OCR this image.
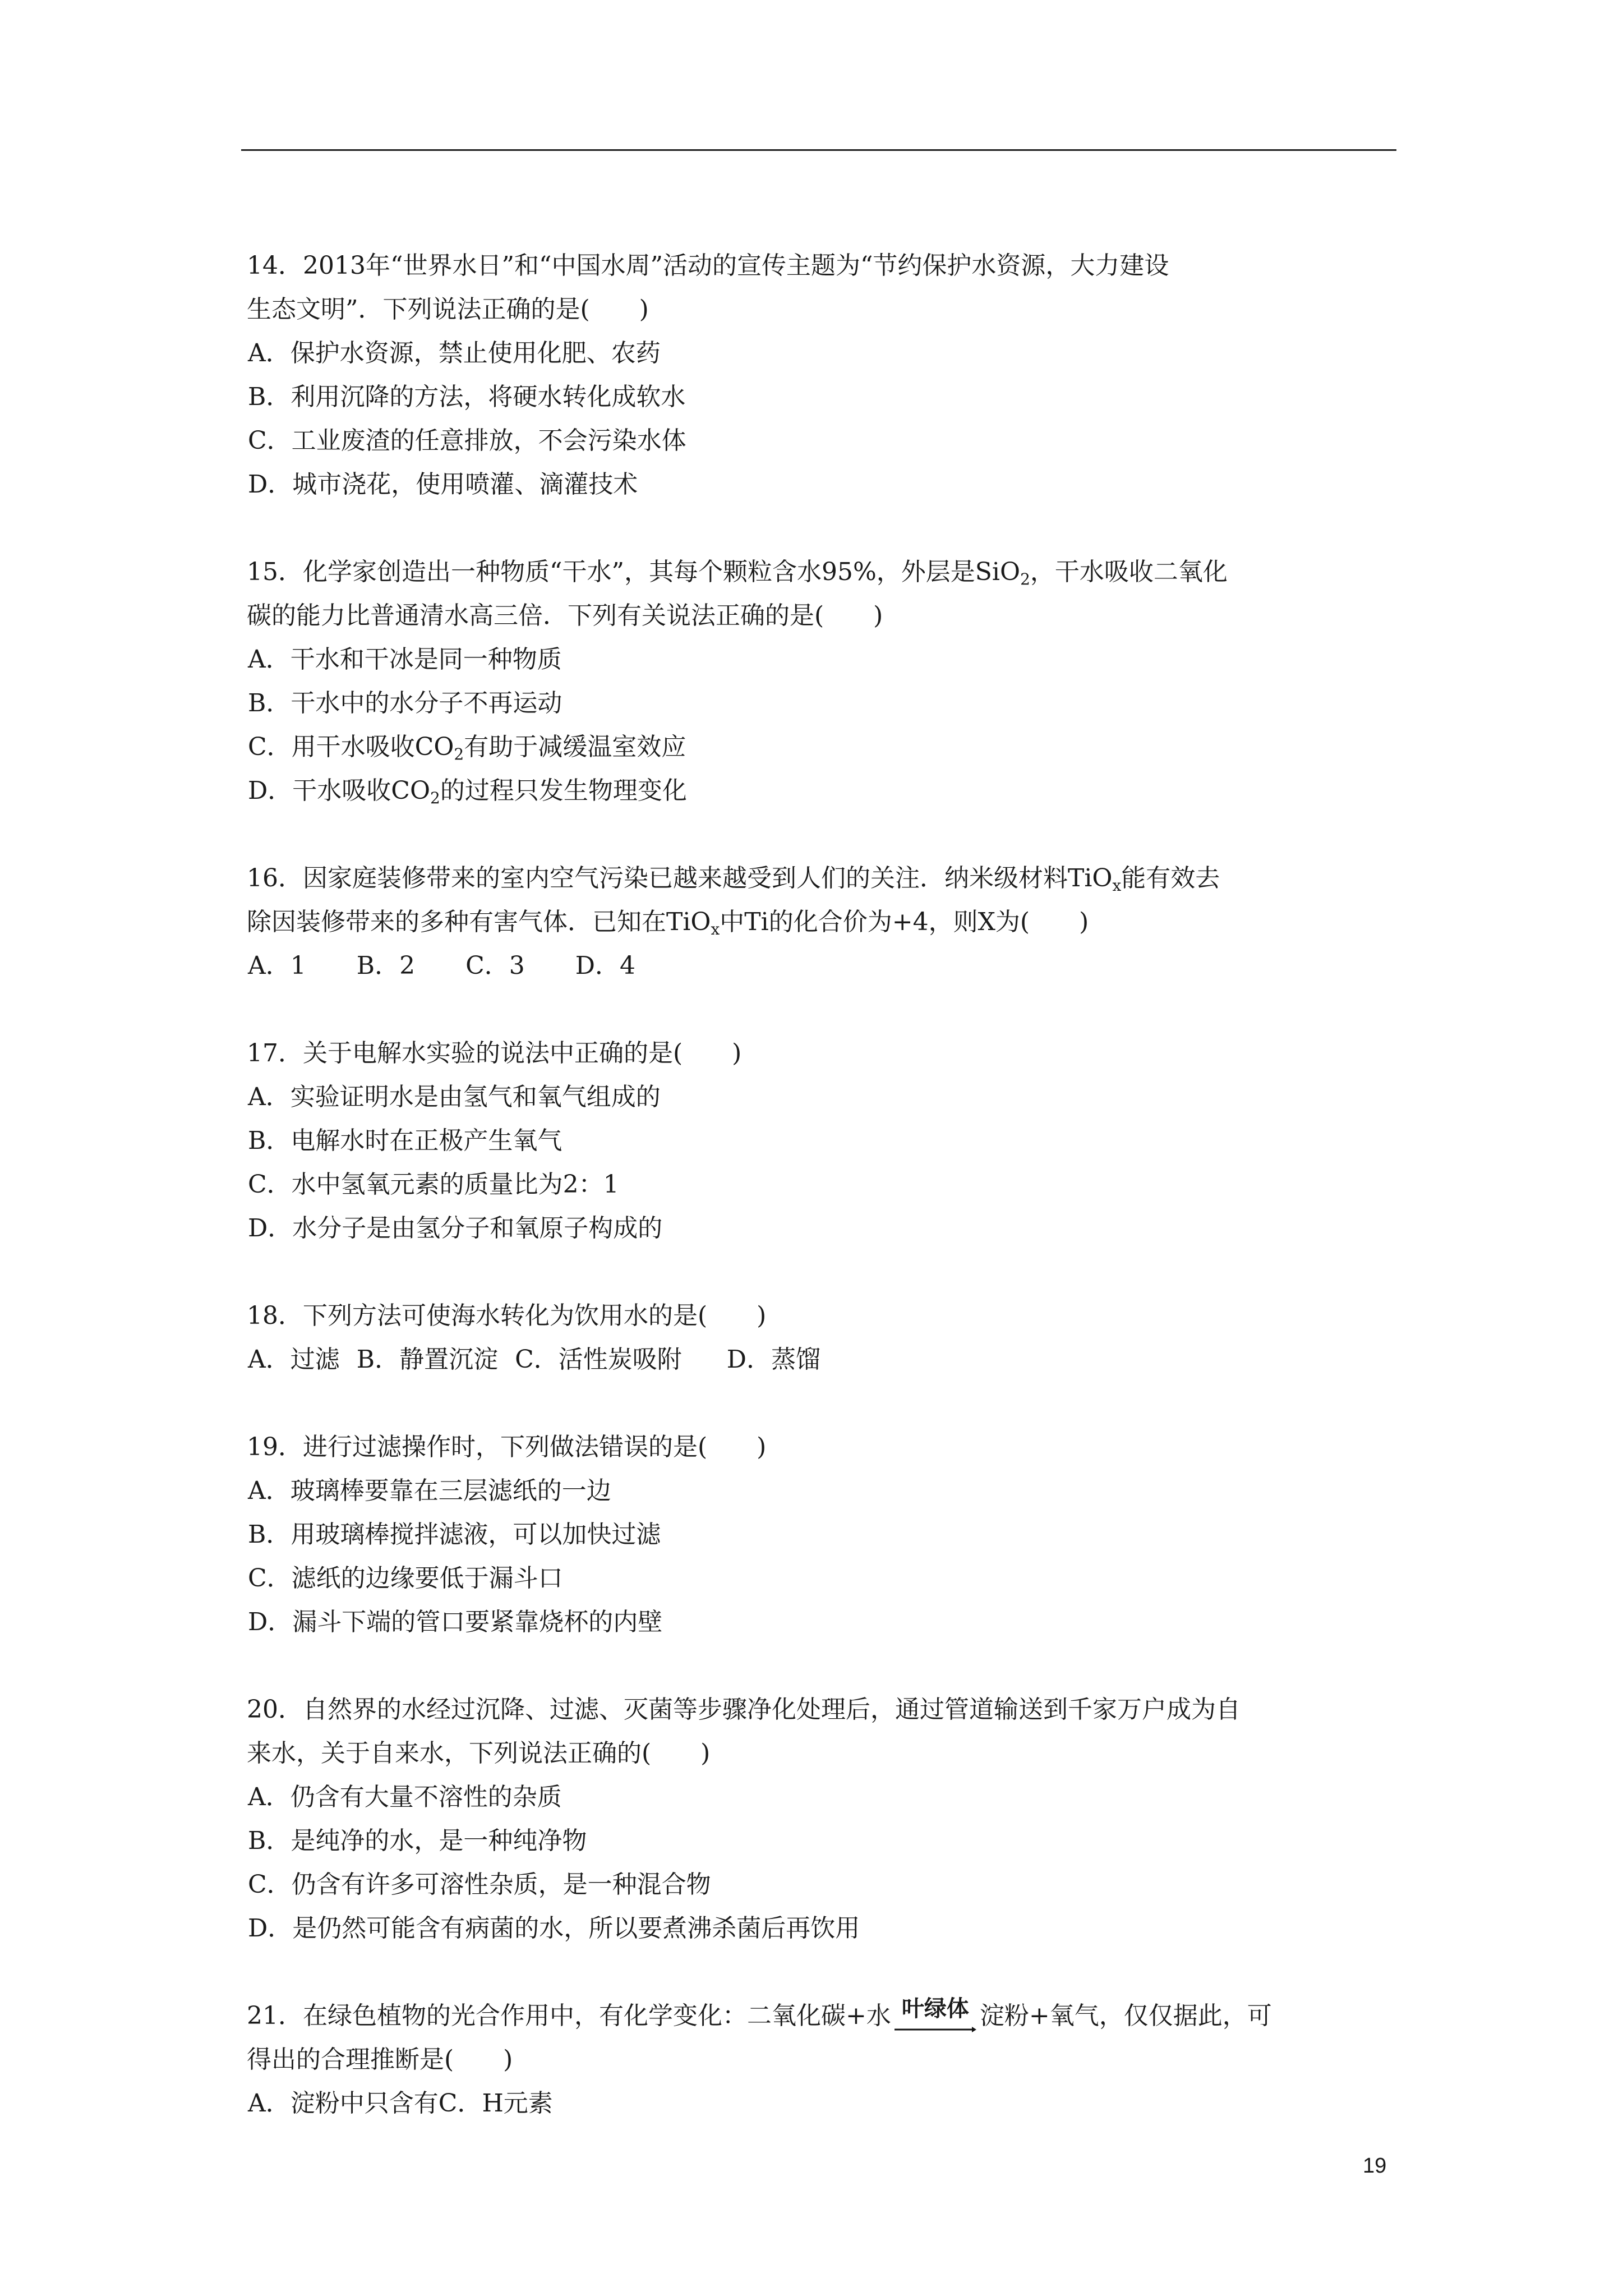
14．2013年“世界水日”和“中国水周”活动的宣传主题为“节约保护水资源，大力建设
生态文明”．下列说法正确的是(　　)
A．保护水资源，禁止使用化肥、农药
B．利用沉降的方法，将硬水转化成软水
C．工业废渣的任意排放，不会污染水体
D．城市浇花，使用喷灌、滴灌技术
15．化学家创造出一种物质“干水”，其每个颗粒含水95%，外层是SiO$_2$，干水吸收二氧化
碳的能力比普通清水高三倍．下列有关说法正确的是(　　)
A．干水和干冰是同一种物质
B．干水中的水分子不再运动
C．用干水吸收$CO_2$有助于减缓温室效应
D．干水吸收$CO_2$的过程只发生物理变化
16．因家庭装修带来的室内空气污染已越来越受到人们的关注．纳米级材料TiO$_x$能有效去
除因装修带来的多种有害气体．已知在TiO$_x$中Ti的化合价为+4，则X为(　　)
A．1 B．2 C．3 D．4
17．关于电解水实验的说法中正确的是(　　)
A．实验证明水是由氢气和氧气组成的
B．电解水时在正极产生氧气
C．水中氢氧元素的质量比为2：1
D．水分子是由氢分子和氧原子构成的
18．下列方法可使海水转化为饮用水的是(　　)
A．过滤 B．静置沉淀 C．活性炭吸附 D．蒸馏
19．进行过滤操作时，下列做法错误的是(　　)
A．玻璃棒要靠在三层滤纸的一边
B．用玻璃棒搅拌滤液，可以加快过滤
C．滤纸的边缘要低于漏斗口
D．漏斗下端的管口要紧靠烧杯的内壁
20．自然界的水经过沉降、过滤、灭菌等步骤净化处理后，通过管道输送到千家万户成为自
来水，关于自来水，下列说法正确的(　　)
A．仍含有大量不溶性的杂质
B．是纯净的水，是一种纯净物
C．仍含有许多可溶性杂质，是一种混合物
D．是仍然可能含有病菌的水，所以要煮沸杀菌后再饮用
21．在绿色植物的光合作用中，有化学变化：二氧化碳+水 叶绿体 淀粉+氧气，仅仅据此，可
得出的合理推断是(　　)
A．淀粉中只含有C．H元素
19
